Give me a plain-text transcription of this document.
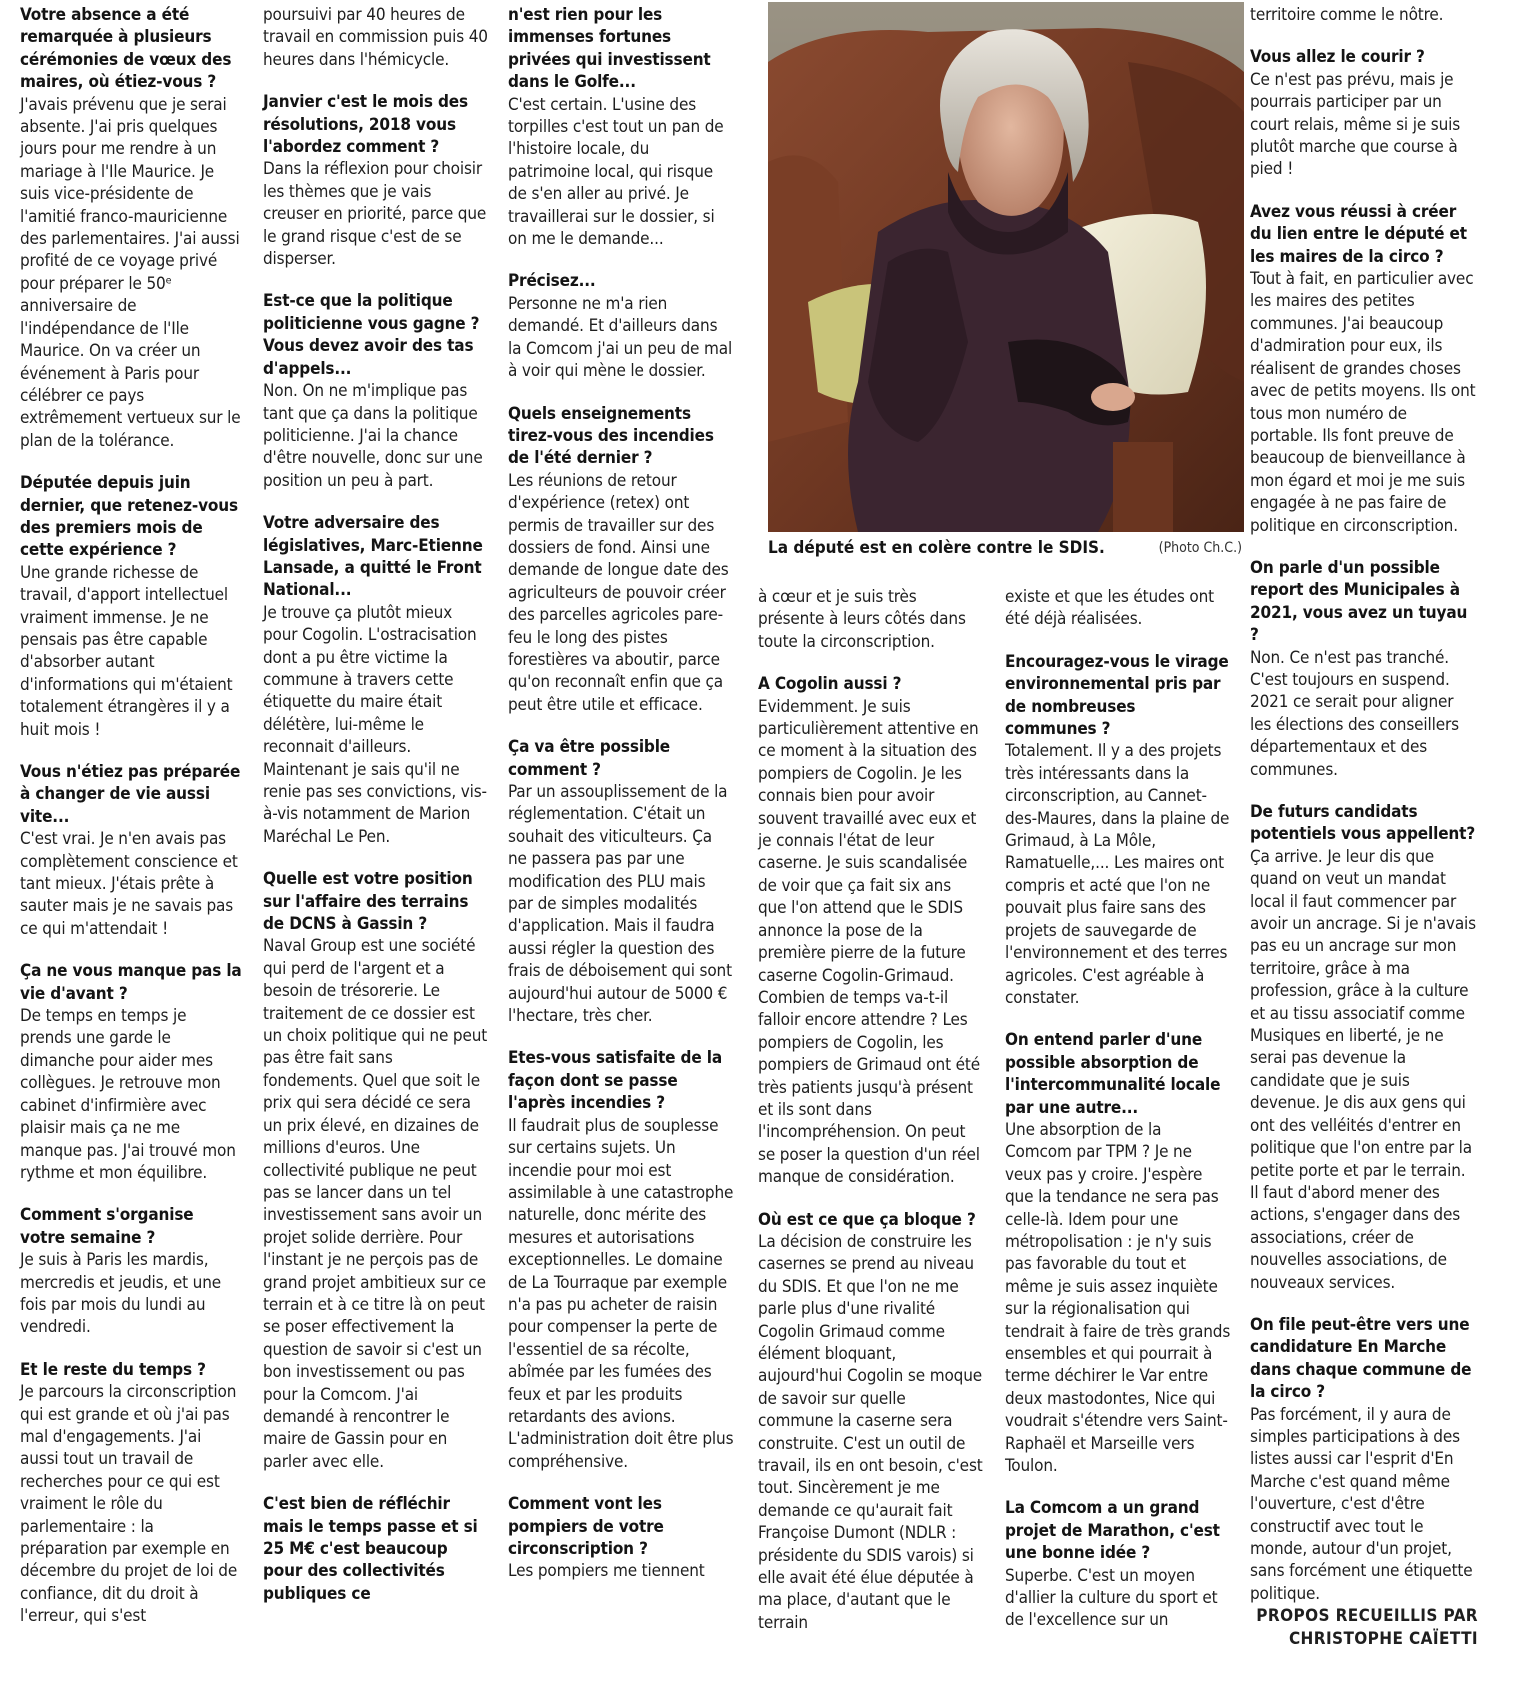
Votre absence a été remarquée à plusieurs cérémonies de vœux des maires, où étiez-vous ?

J'avais prévenu que je serai absente. J'ai pris quelques jours pour me rendre à un mariage à l'Ile Maurice. Je suis vice-présidente de l'amitié franco-mauricienne des parlementaires. J'ai aussi profité de ce voyage privé pour préparer le 50ᵉ anniversaire de l'indépendance de l'Ile Maurice. On va créer un événement à Paris pour célébrer ce pays extrêmement vertueux sur le plan de la tolérance.

Députée depuis juin dernier, que retenez-vous des premiers mois de cette expérience ?

Une grande richesse de travail, d'apport intellectuel vraiment immense. Je ne pensais pas être capable d'absorber autant d'informations qui m'étaient totalement étrangères il y a huit mois !

Vous n'étiez pas préparée à changer de vie aussi vite...

C'est vrai. Je n'en avais pas complètement conscience et tant mieux. J'étais prête à sauter mais je ne savais pas ce qui m'attendait !

Ça ne vous manque pas la vie d'avant ?

De temps en temps je prends une garde le dimanche pour aider mes collègues. Je retrouve mon cabinet d'infirmière avec plaisir mais ça ne me manque pas. J'ai trouvé mon rythme et mon équilibre.

Comment s'organise votre semaine ?

Je suis à Paris les mardis, mercredis et jeudis, et une fois par mois du lundi au vendredi.

Et le reste du temps ?

Je parcours la circonscription qui est grande et où j'ai pas mal d'engagements. J'ai aussi tout un travail de recherches pour ce qui est vraiment le rôle du parlementaire : la préparation par exemple en décembre du projet de loi de confiance, dit du droit à l'erreur, qui s'est

poursuivi par 40 heures de travail en commission puis 40 heures dans l'hémicycle.

Janvier c'est le mois des résolutions, 2018 vous l'abordez comment ?

Dans la réflexion pour choisir les thèmes que je vais creuser en priorité, parce que le grand risque c'est de se disperser.

Est-ce que la politique politicienne vous gagne ? Vous devez avoir des tas d'appels...

Non. On ne m'implique pas tant que ça dans la politique politicienne. J'ai la chance d'être nouvelle, donc sur une position un peu à part.

Votre adversaire des législatives, Marc-Etienne Lansade, a quitté le Front National...

Je trouve ça plutôt mieux pour Cogolin. L'ostracisation dont a pu être victime la commune à travers cette étiquette du maire était délétère, lui-même le reconnait d'ailleurs. Maintenant je sais qu'il ne renie pas ses convictions, vis-à-vis notamment de Marion Maréchal Le Pen.

Quelle est votre position sur l'affaire des terrains de DCNS à Gassin ?

Naval Group est une société qui perd de l'argent et a besoin de trésorerie. Le traitement de ce dossier est un choix politique qui ne peut pas être fait sans fondements. Quel que soit le prix qui sera décidé ce sera un prix élevé, en dizaines de millions d'euros. Une collectivité publique ne peut pas se lancer dans un tel investissement sans avoir un projet solide derrière. Pour l'instant je ne perçois pas de grand projet ambitieux sur ce terrain et à ce titre là on peut se poser effectivement la question de savoir si c'est un bon investissement ou pas pour la Comcom. J'ai demandé à rencontrer le maire de Gassin pour en parler avec elle.

C'est bien de réfléchir mais le temps passe et si 25 M€ c'est beaucoup pour des collectivités publiques ce

n'est rien pour les immenses fortunes privées qui investissent dans le Golfe...

C'est certain. L'usine des torpilles c'est tout un pan de l'histoire locale, du patrimoine local, qui risque de s'en aller au privé. Je travaillerai sur le dossier, si on me le demande...

Précisez...

Personne ne m'a rien demandé. Et d'ailleurs dans la Comcom j'ai un peu de mal à voir qui mène le dossier.

Quels enseignements tirez-vous des incendies de l'été dernier ?

Les réunions de retour d'expérience (retex) ont permis de travailler sur des dossiers de fond. Ainsi une demande de longue date des agriculteurs de pouvoir créer des parcelles agricoles pare-feu le long des pistes forestières va aboutir, parce qu'on reconnaît enfin que ça peut être utile et efficace.

Ça va être possible comment ?

Par un assouplissement de la réglementation. C'était un souhait des viticulteurs. Ça ne passera pas par une modification des PLU mais par de simples modalités d'application. Mais il faudra aussi régler la question des frais de déboisement qui sont aujourd'hui autour de 5000 € l'hectare, très cher.

Etes-vous satisfaite de la façon dont se passe l'après incendies ?

Il faudrait plus de souplesse sur certains sujets. Un incendie pour moi est assimilable à une catastrophe naturelle, donc mérite des mesures et autorisations exceptionnelles. Le domaine de La Tourraque par exemple n'a pas pu acheter de raisin pour compenser la perte de l'essentiel de sa récolte, abîmée par les fumées des feux et par les produits retardants des avions. L'administration doit être plus compréhensive.

Comment vont les pompiers de votre circonscription ?

Les pompiers me tiennent

La député est en colère contre le SDIS.	(Photo Ch.C.)

à cœur et je suis très présente à leurs côtés dans toute la circonscription.

A Cogolin aussi ?

Evidemment. Je suis particulièrement attentive en ce moment à la situation des pompiers de Cogolin. Je les connais bien pour avoir souvent travaillé avec eux et je connais l'état de leur caserne. Je suis scandalisée de voir que ça fait six ans que l'on attend que le SDIS annonce la pose de la première pierre de la future caserne Cogolin-Grimaud. Combien de temps va-t-il falloir encore attendre ? Les pompiers de Cogolin, les pompiers de Grimaud ont été très patients jusqu'à présent et ils sont dans l'incompréhension. On peut se poser la question d'un réel manque de considération.

Où est ce que ça bloque ?

La décision de construire les casernes se prend au niveau du SDIS. Et que l'on ne me parle plus d'une rivalité Cogolin Grimaud comme élément bloquant, aujourd'hui Cogolin se moque de savoir sur quelle commune la caserne sera construite. C'est un outil de travail, ils en ont besoin, c'est tout. Sincèrement je me demande ce qu'aurait fait Françoise Dumont (NDLR : présidente du SDIS varois) si elle avait été élue députée à ma place, d'autant que le terrain

existe et que les études ont été déjà réalisées.

Encouragez-vous le virage environnemental pris par de nombreuses communes ?

Totalement. Il y a des projets très intéressants dans la circonscription, au Cannet-des-Maures, dans la plaine de Grimaud, à La Môle, Ramatuelle,... Les maires ont compris et acté que l'on ne pouvait plus faire sans des projets de sauvegarde de l'environnement et des terres agricoles. C'est agréable à constater.

On entend parler d'une possible absorption de l'intercommunalité locale par une autre...

Une absorption de la Comcom par TPM ? Je ne veux pas y croire. J'espère que la tendance ne sera pas celle-là. Idem pour une métropolisation : je n'y suis pas favorable du tout et même je suis assez inquiète sur la régionalisation qui tendrait à faire de très grands ensembles et qui pourrait à terme déchirer le Var entre deux mastodontes, Nice qui voudrait s'étendre vers Saint-Raphaël et Marseille vers Toulon.

La Comcom a un grand projet de Marathon, c'est une bonne idée ?

Superbe. C'est un moyen d'allier la culture du sport et de l'excellence sur un

territoire comme le nôtre.

Vous allez le courir ?

Ce n'est pas prévu, mais je pourrais participer par un court relais, même si je suis plutôt marche que course à pied !

Avez vous réussi à créer du lien entre le député et les maires de la circo ?

Tout à fait, en particulier avec les maires des petites communes. J'ai beaucoup d'admiration pour eux, ils réalisent de grandes choses avec de petits moyens. Ils ont tous mon numéro de portable. Ils font preuve de beaucoup de bienveillance à mon égard et moi je me suis engagée à ne pas faire de politique en circonscription.

On parle d'un possible report des Municipales à 2021, vous avez un tuyau ?

Non. Ce n'est pas tranché. C'est toujours en suspend. 2021 ce serait pour aligner les élections des conseillers départementaux et des communes.

De futurs candidats potentiels vous appellent?

Ça arrive. Je leur dis que quand on veut un mandat local il faut commencer par avoir un ancrage. Si je n'avais pas eu un ancrage sur mon territoire, grâce à ma profession, grâce à la culture et au tissu associatif comme Musiques en liberté, je ne serai pas devenue la candidate que je suis devenue. Je dis aux gens qui ont des velléités d'entrer en politique que l'on entre par la petite porte et par le terrain. Il faut d'abord mener des actions, s'engager dans des associations, créer de nouvelles associations, de nouveaux services.

On file peut-être vers une candidature En Marche dans chaque commune de la circo ?

Pas forcément, il y aura de simples participations à des listes aussi car l'esprit d'En Marche c'est quand même l'ouverture, c'est d'être constructif avec tout le monde, autour d'un projet, sans forcément une étiquette politique.

PROPOS RECUEILLIS PAR

CHRISTOPHE CAÏETTI
